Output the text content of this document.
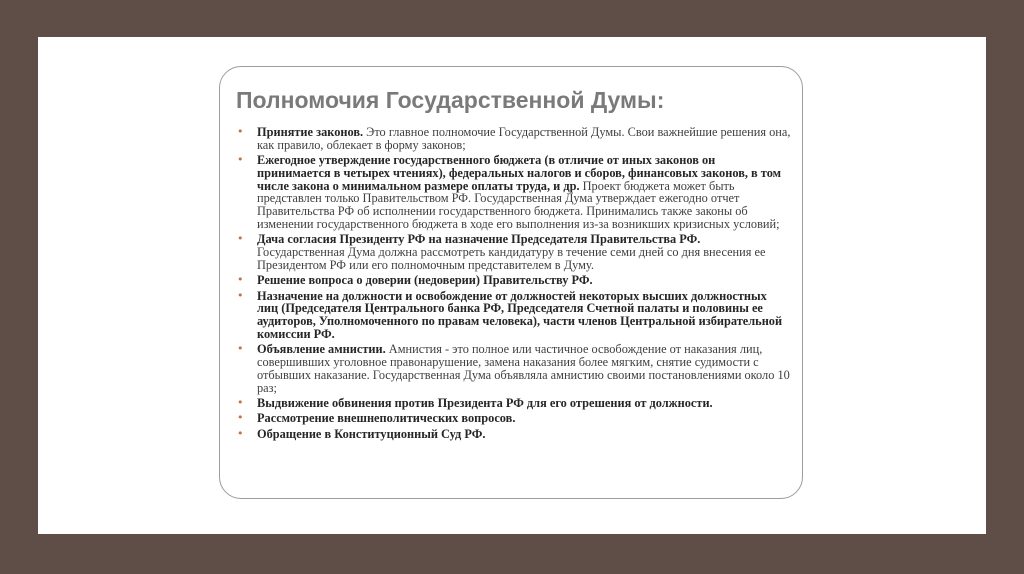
Полномочия Государственной Думы:
• Принятие законов. Это главное полномочие Государственной Думы. Свои важнейшие решения она, как правило, облекает в форму законов;
• Ежегодное утверждение государственного бюджета (в отличие от иных законов он принимается в четырех чтениях), федеральных налогов и сборов, финансовых законов, в том числе закона о минимальном размере оплаты труда, и др. Проект бюджета может быть представлен только Правительством РФ. Государственная Дума утверждает ежегодно отчет Правительства РФ об исполнении государственного бюджета. Принимались также законы об изменении государственного бюджета в ходе его выполнения из-за возникших кризисных условий;
• Дача согласия Президенту РФ на назначение Председателя Правительства РФ. Государственная Дума должна рассмотреть кандидатуру в течение семи дней со дня внесения ее Президентом РФ или его полномочным представителем в Думу.
• Решение вопроса о доверии (недоверии) Правительству РФ.
• Назначение на должности и освобождение от должностей некоторых высших должностных лиц (Председателя Центрального банка РФ, Председателя Счетной палаты и половины ее аудиторов, Уполномоченного по правам человека), части членов Центральной избирательной комиссии РФ.
• Объявление амнистии. Амнистия - это полное или частичное освобождение от наказания лиц, совершивших уголовное правонарушение, замена наказания более мягким, снятие судимости с отбывших наказание. Государственная Дума объявляла амнистию своими постановлениями около 10 раз;
• Выдвижение обвинения против Президента РФ для его отрешения от должности.
• Рассмотрение внешнеполитических вопросов.
• Обращение в Конституционный Суд РФ.
